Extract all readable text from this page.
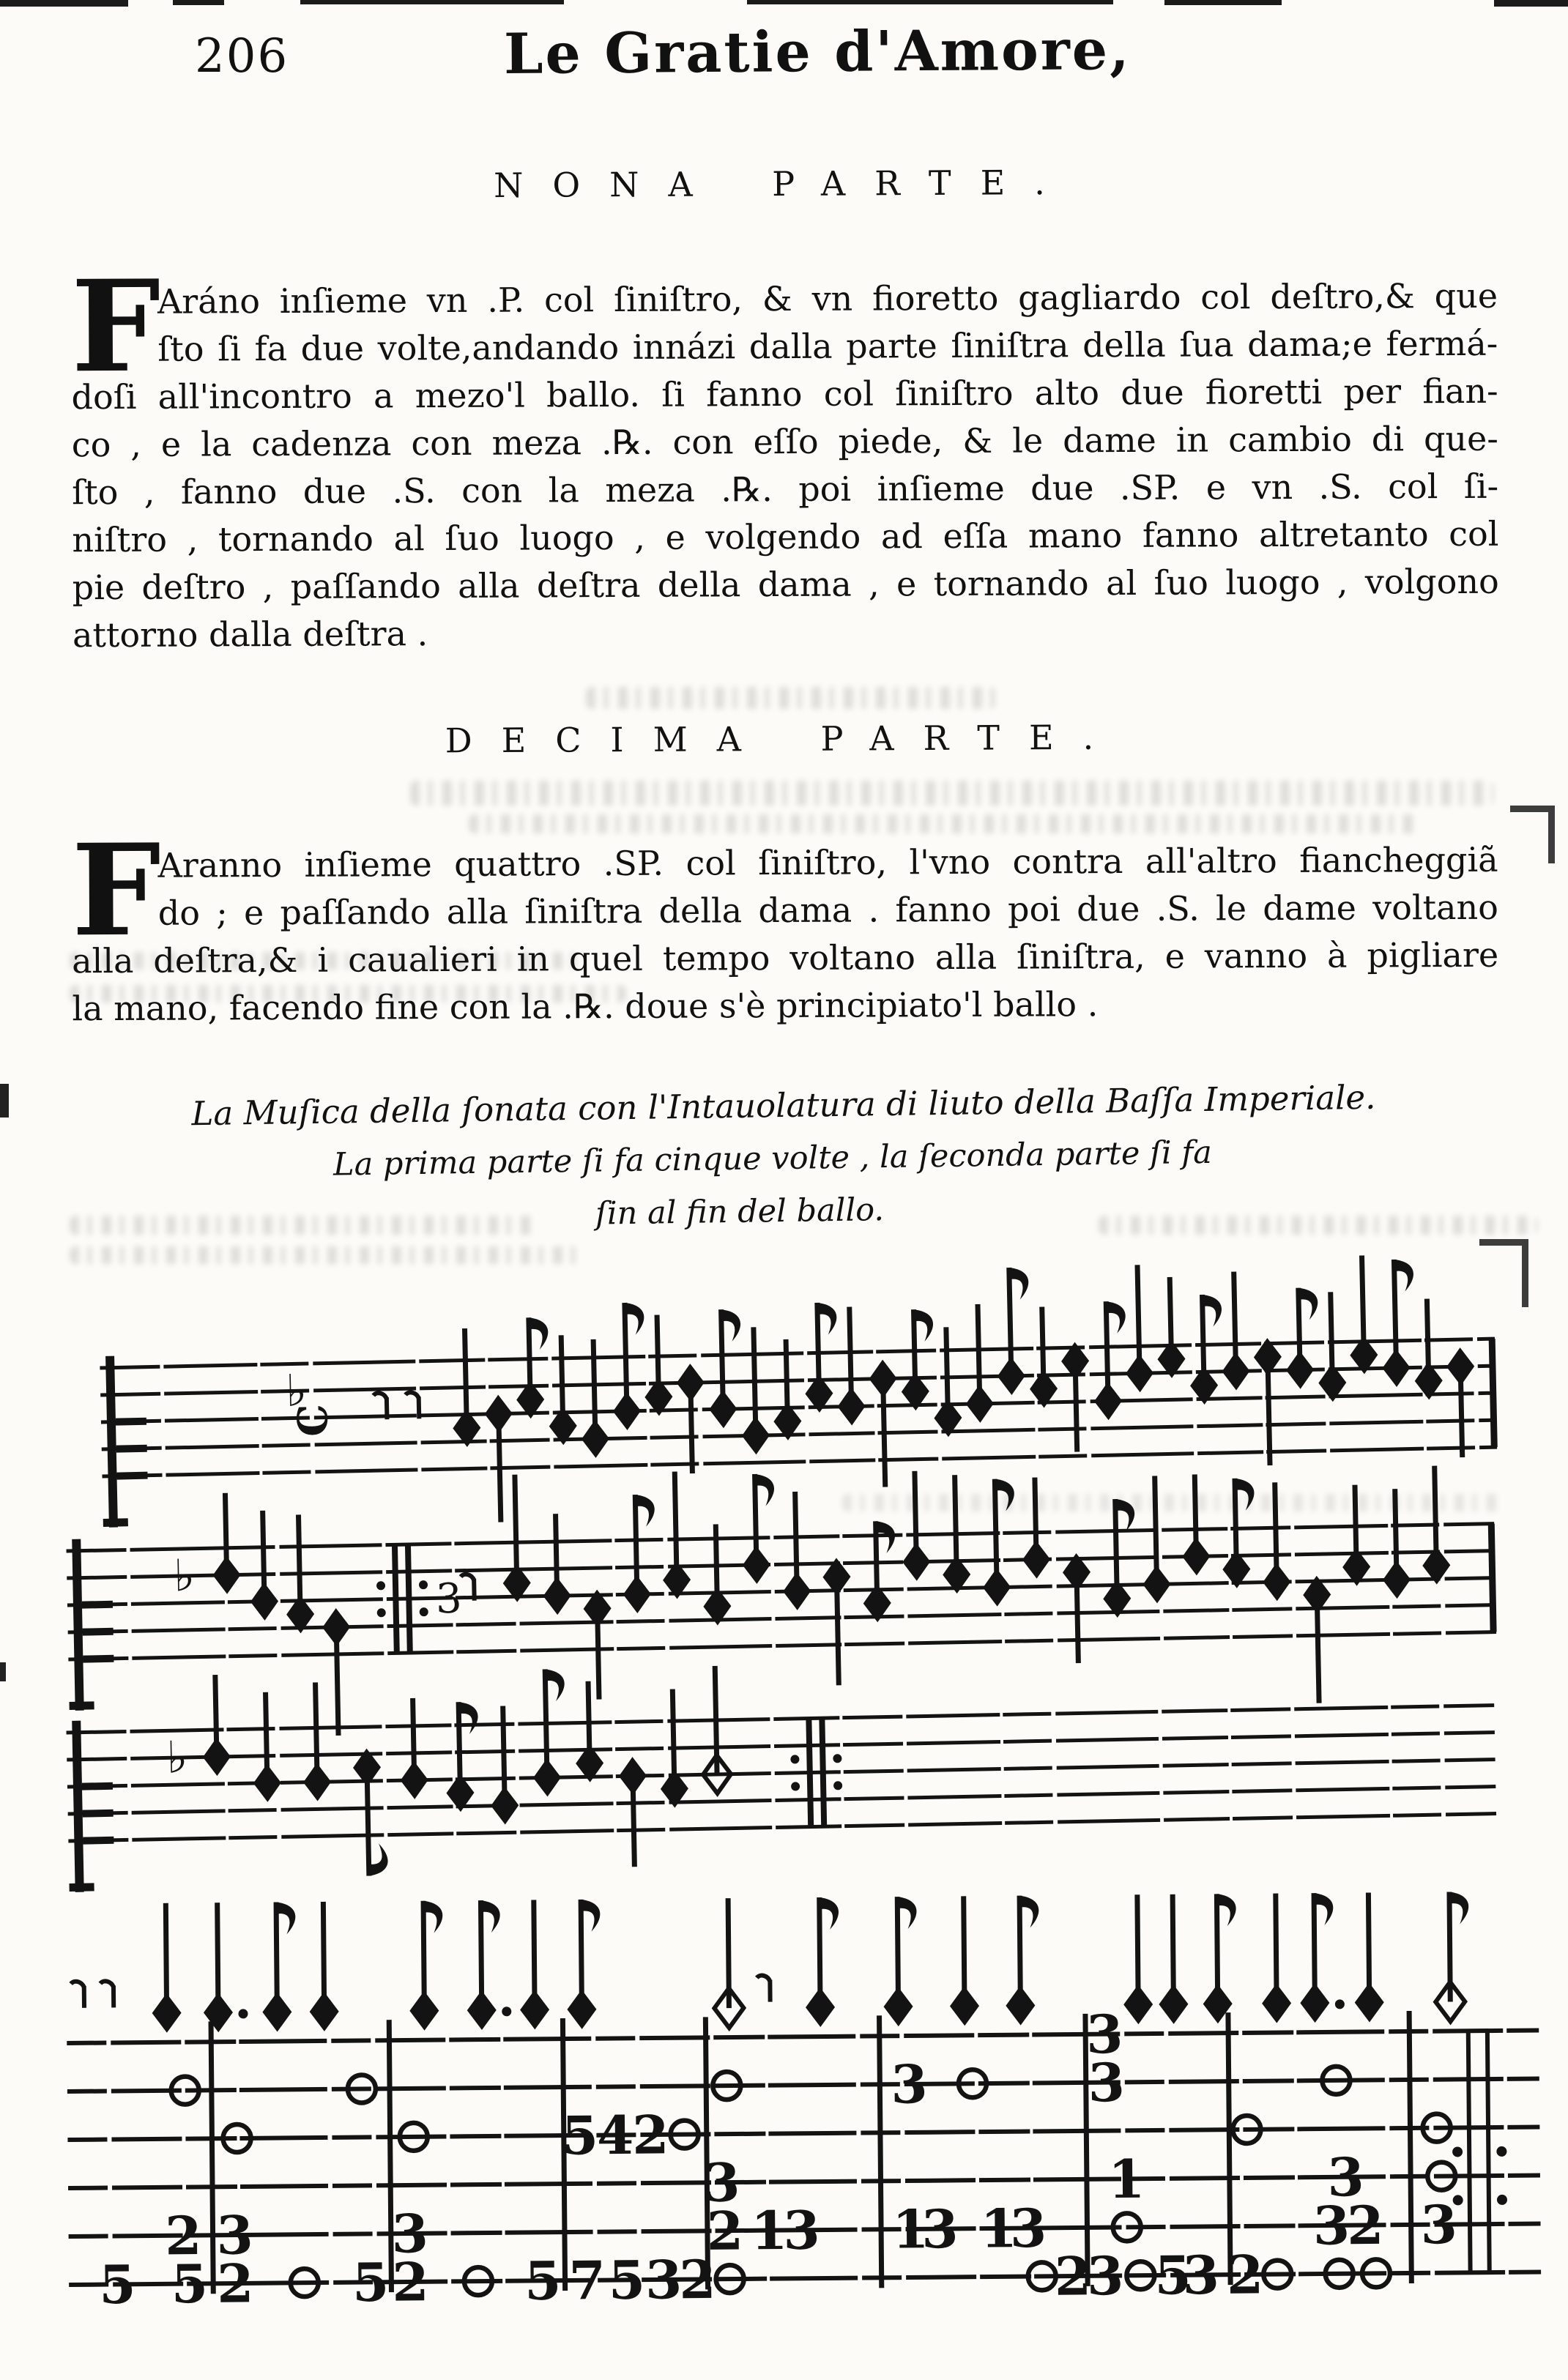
206	Le Gratie d'Amore,
NONA PARTE.
F
Aráno inſieme vn .P. col ſiniſtro, & vn fioretto gagliardo col deſtro,& que
ſto ſi fa due volte,andando innázi dalla parte ſiniſtra della ſua dama;e fermá-
doſi all'incontro a mezo'l ballo. ſi fanno col ſiniſtro alto due fioretti per fian-
co , e la cadenza con meza .℞. con eſſo piede, & le dame in cambio di que-
ſto , fanno due .S. con la meza .℞. poi inſieme due .SP. e vn .S. col ſi-
niſtro , tornando al ſuo luogo , e volgendo ad eſſa mano fanno altretanto col
pie deſtro , paſſando alla deſtra della dama , e tornando al ſuo luogo , volgono
attorno dalla deſtra .
DECIMA PARTE.
F
Aranno inſieme quattro .SP. col ſiniſtro, l'vno contra all'altro fiancheggiã
do ; e paſſando alla ſiniſtra della dama . fanno poi due .S. le dame voltano
alla deſtra,& i caualieri in quel tempo voltano alla ſiniſtra, e vanno à pigliare
la mano, facendo fine con la .℞. doue s'è principiato'l ballo .
La Muſica della ſonata con l'Intauolatura di liuto della Baſſa Imperiale.
La prima parte ſi fa cinque volte , la ſeconda parte ſi fa
ſin al fin del ballo.
♭
C
♭	3
♭
5
2
5
3
2 5
3
2 5
5
4
2
7 5 3
2
3
2 1
3
3
1
3 1
3
2
3
3
1
3 5
3 2
3
3
2 3
